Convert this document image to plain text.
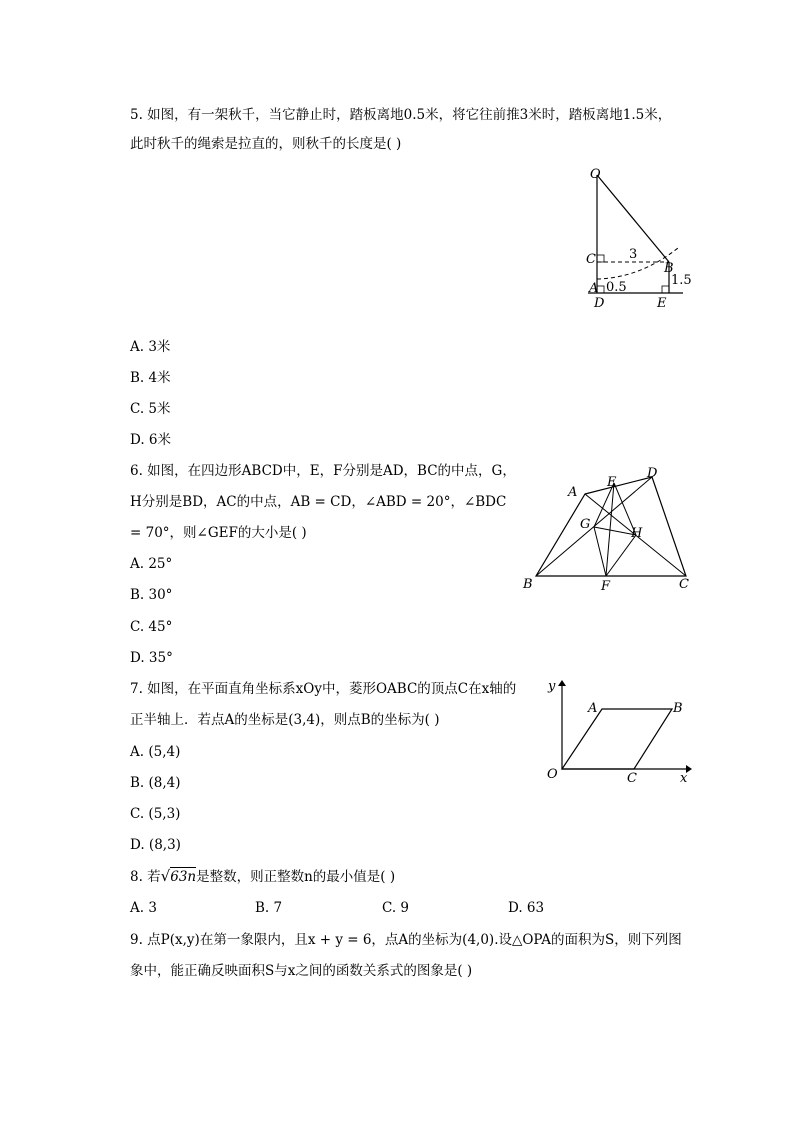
5. 如图，有一架秋千，当它静止时，踏板离地0.5米，将它往前推3米时，踏板离地1.5米，
此时秋千的绳索是拉直的，则秋千的长度是( )
O
C
B
A
D	E
3
0.5	1.5
A. 3米
B. 4米
C. 5米
D. 6米
6. 如图，在四边形ABCD中，E，F分别是AD，BC的中点，G，
H分别是BD，AC的中点，AB = CD，∠ABD = 20°，∠BDC
= 70°，则∠GEF的大小是( )
A
E
D
G
H
B	F	C
A. 25°
B. 30°
C. 45°
D. 35°
7. 如图，在平面直角坐标系xOy中，菱形OABC的顶点C在x轴的
正半轴上．若点A的坐标是(3,4)，则点B的坐标为( )
y
x
O
A	B
C
A. (5,4)
B. (8,4)
C. (5,3)
D. (8,3)
8. 若√63n是整数，则正整数n的最小值是( )
A. 3	B. 7	C. 9	D. 63
9. 点P(x,y)在第一象限内，且x + y = 6，点A的坐标为(4,0).设△OPA的面积为S，则下列图
象中，能正确反映面积S与x之间的函数关系式的图象是( )
